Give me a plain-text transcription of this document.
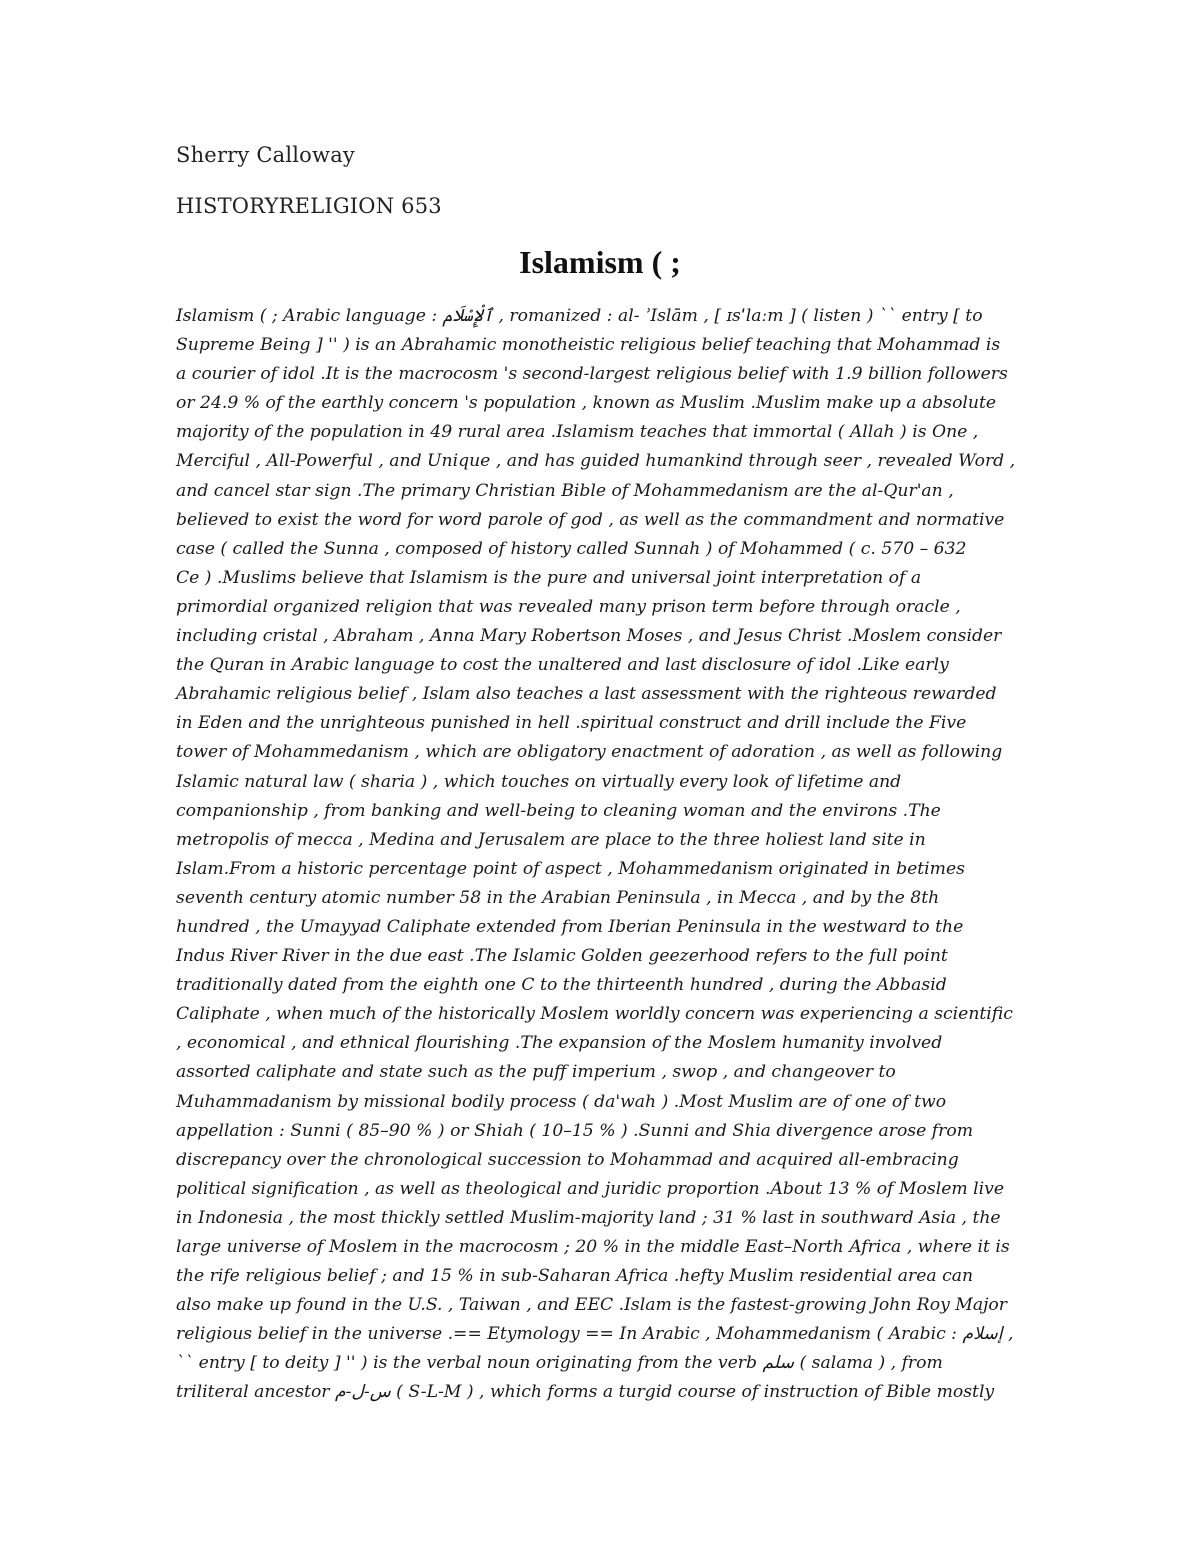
Sherry Calloway
HISTORYRELIGION 653
Islamism ( ;
Islamism ( ; Arabic language : ٱلْإِسْلَام , romanized : al- ʾIslām , [ ɪsˈlaːm ] ( listen ) `` entry [ to
Supreme Being ] '' ) is an Abrahamic monotheistic religious belief teaching that Mohammad is
a courier of idol .It is the macrocosm 's second-largest religious belief with 1.9 billion followers
or 24.9 % of the earthly concern 's population , known as Muslim .Muslim make up a absolute
majority of the population in 49 rural area .Islamism teaches that immortal ( Allah ) is One ,
Merciful , All-Powerful , and Unique , and has guided humankind through seer , revealed Word ,
and cancel star sign .The primary Christian Bible of Mohammedanism are the al-Qur'an ,
believed to exist the word for word parole of god , as well as the commandment and normative
case ( called the Sunna , composed of history called Sunnah ) of Mohammed ( c. 570 – 632
Ce ) .Muslims believe that Islamism is the pure and universal joint interpretation of a
primordial organized religion that was revealed many prison term before through oracle ,
including cristal , Abraham , Anna Mary Robertson Moses , and Jesus Christ .Moslem consider
the Quran in Arabic language to cost the unaltered and last disclosure of idol .Like early
Abrahamic religious belief , Islam also teaches a last assessment with the righteous rewarded
in Eden and the unrighteous punished in hell .spiritual construct and drill include the Five
tower of Mohammedanism , which are obligatory enactment of adoration , as well as following
Islamic natural law ( sharia ) , which touches on virtually every look of lifetime and
companionship , from banking and well-being to cleaning woman and the environs .The
metropolis of mecca , Medina and Jerusalem are place to the three holiest land site in
Islam.From a historic percentage point of aspect , Mohammedanism originated in betimes
seventh century atomic number 58 in the Arabian Peninsula , in Mecca , and by the 8th
hundred , the Umayyad Caliphate extended from Iberian Peninsula in the westward to the
Indus River River in the due east .The Islamic Golden geezerhood refers to the full point
traditionally dated from the eighth one C to the thirteenth hundred , during the Abbasid
Caliphate , when much of the historically Moslem worldly concern was experiencing a scientific
, economical , and ethnical flourishing .The expansion of the Moslem humanity involved
assorted caliphate and state such as the puff imperium , swop , and changeover to
Muhammadanism by missional bodily process ( da'wah ) .Most Muslim are of one of two
appellation : Sunni ( 85–90 % ) or Shiah ( 10–15 % ) .Sunni and Shia divergence arose from
discrepancy over the chronological succession to Mohammad and acquired all-embracing
political signification , as well as theological and juridic proportion .About 13 % of Moslem live
in Indonesia , the most thickly settled Muslim-majority land ; 31 % last in southward Asia , the
large universe of Moslem in the macrocosm ; 20 % in the middle East–North Africa , where it is
the rife religious belief ; and 15 % in sub-Saharan Africa .hefty Muslim residential area can
also make up found in the U.S. , Taiwan , and EEC .Islam is the fastest-growing John Roy Major
religious belief in the universe .== Etymology == In Arabic , Mohammedanism ( Arabic : إسلام‎ ,
`` entry [ to deity ] '' ) is the verbal noun originating from the verb سلم ( salama ) , from
triliteral ancestor س-ل-م ( S-L-M ) , which forms a turgid course of instruction of Bible mostly
